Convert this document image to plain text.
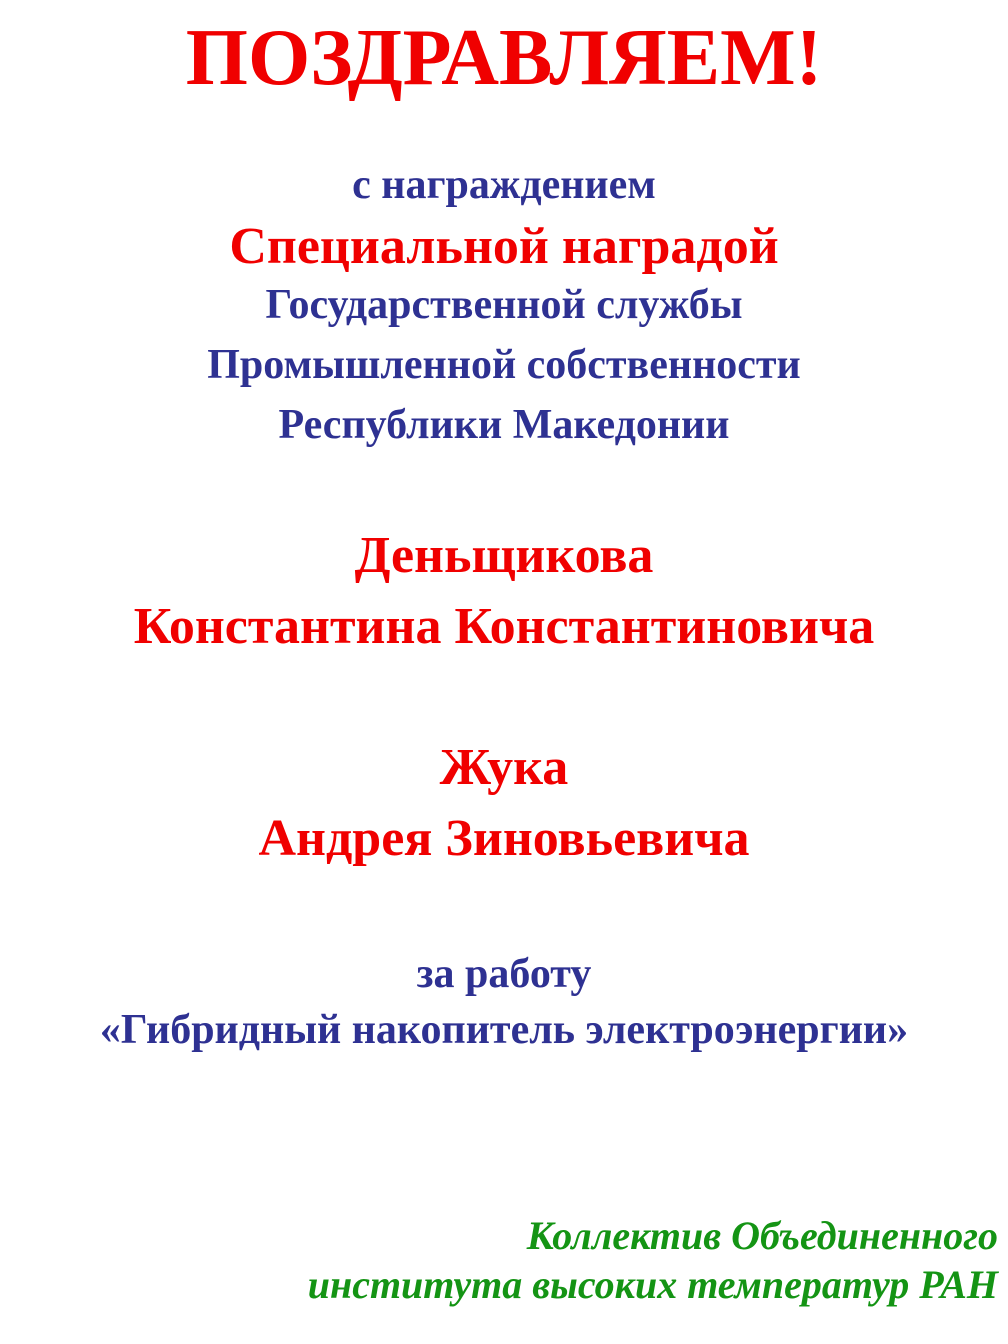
ПОЗДРАВЛЯЕМ!
с награждением
Специальной наградой
Государственной службы
Промышленной собственности
Республики Македонии
Деньщикова
Константина Константиновича
Жука
Андрея Зиновьевича
за работу
«Гибридный накопитель электроэнергии»
Коллектив Объединенного
института высоких температур РАН
